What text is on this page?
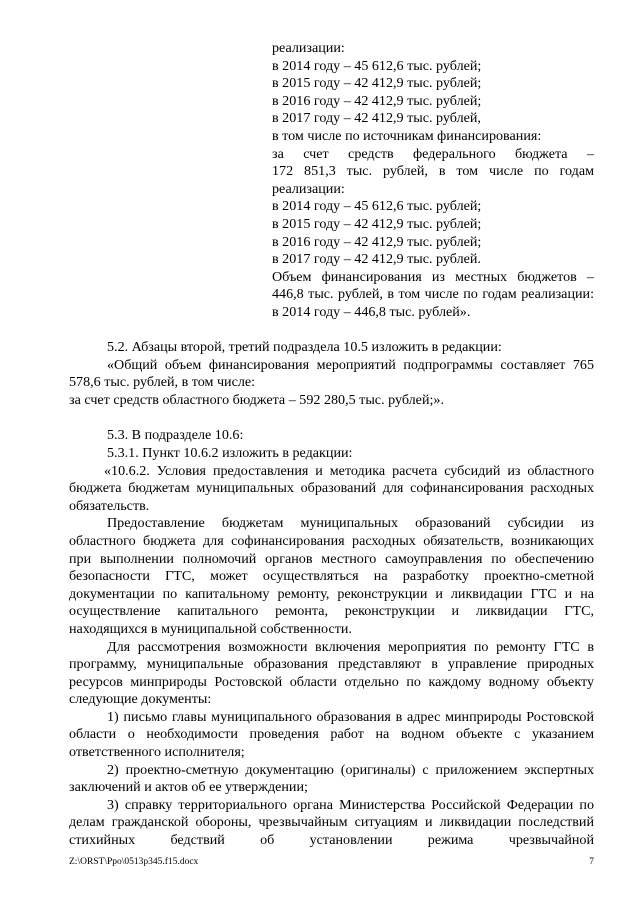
реализации:

в 2014 году – 45 612,6 тыс. рублей;

в 2015 году – 42 412,9 тыс. рублей;

в 2016 году – 42 412,9 тыс. рублей;

в 2017 году – 42 412,9 тыс. рублей,

в том числе по источникам финансирования:

за счет средств федерального бюджета –

172 851,3 тыс. рублей, в том числе по годам

реализации:

в 2014 году – 45 612,6 тыс. рублей;

в 2015 году – 42 412,9 тыс. рублей;

в 2016 году – 42 412,9 тыс. рублей;

в 2017 году – 42 412,9 тыс. рублей.

Объем финансирования из местных бюджетов –

446,8 тыс. рублей, в том числе по годам реализации:

в 2014 году – 446,8 тыс. рублей».

5.2. Абзацы второй, третий подраздела 10.5 изложить в редакции:

«Общий объем финансирования мероприятий подпрограммы составляет 765 578,6 тыс. рублей, в том числе:

за счет средств областного бюджета – 592 280,5 тыс. рублей;».

5.3. В подразделе 10.6:

5.3.1. Пункт 10.6.2 изложить в редакции:

«10.6.2. Условия предоставления и методика расчета субсидий из областного бюджета бюджетам муниципальных образований для софинансирования расходных обязательств.

Предоставление бюджетам муниципальных образований субсидии из областного бюджета для софинансирования расходных обязательств, возникающих при выполнении полномочий органов местного самоуправления по обеспечению безопасности ГТС, может осуществляться на разработку проектно-сметной документации по капитальному ремонту, реконструкции и ликвидации ГТС и на осуществление капитального ремонта, реконструкции и ликвидации ГТС, находящихся в муниципальной собственности.

Для рассмотрения возможности включения мероприятия по ремонту ГТС в программу, муниципальные образования представляют в управление природных ресурсов минприроды Ростовской области отдельно по каждому водному объекту следующие документы:

1) письмо главы муниципального образования в адрес минприроды Ростовской области о необходимости проведения работ на водном объекте с указанием ответственного исполнителя;

2) проектно-сметную документацию (оригиналы) с приложением экспертных заключений и актов об ее утверждении;

3) справку территориального органа Министерства Российской Федерации по делам гражданской обороны, чрезвычайным ситуациям и ликвидации последствий стихийных бедствий об установлении режима чрезвычайной

Z:\ORST\Ppo\0513p345.f15.docx	7
